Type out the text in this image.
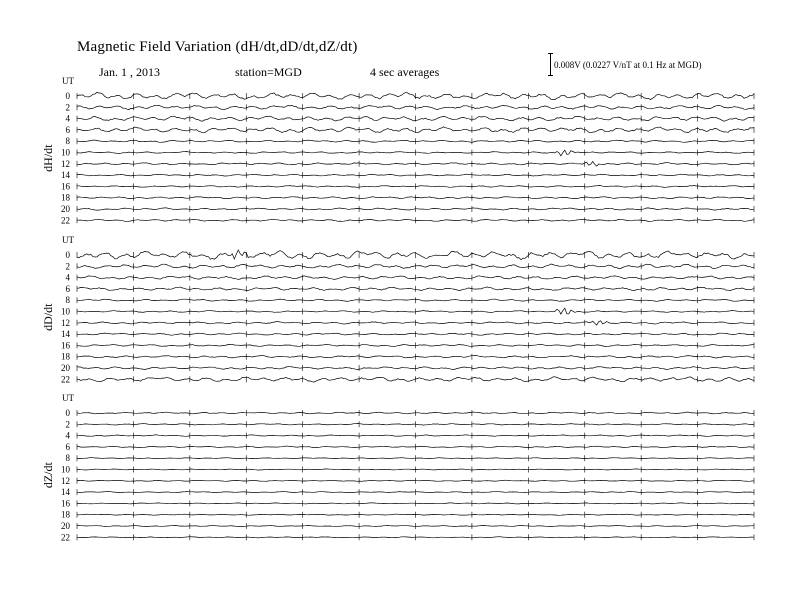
Magnetic Field Variation (dH/dt,dD/dt,dZ/dt)
Jan. 1 , 2013	station=MGD	4 sec averages	0.008V (0.0227 V/nT at 0.1 Hz at MGD)
UT
dH/dt
0
2
4
6
8
10
12
14
16
18
20
22
UT
dD/dt
0
2
4
6
8
10
12
14
16
18
20
22
UT
dZ/dt
0
2
4
6
8
10
12
14
16
18
20
22
